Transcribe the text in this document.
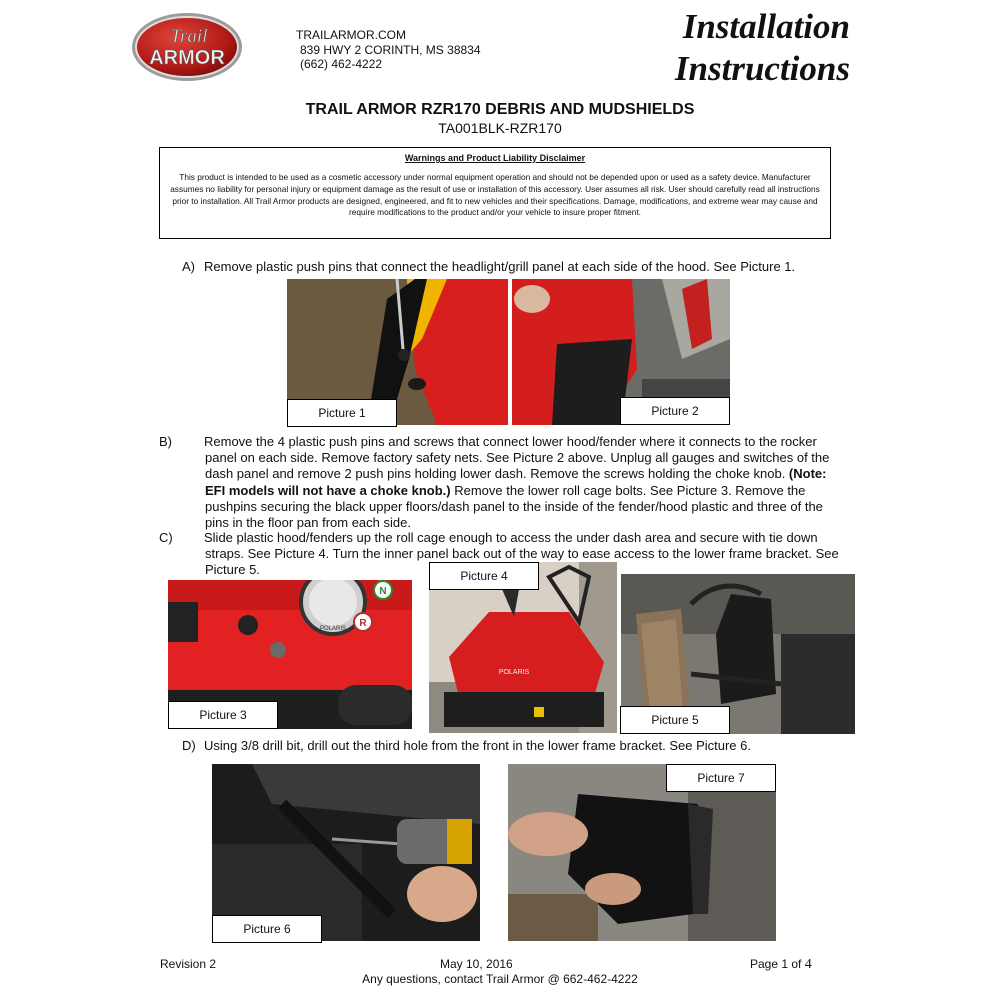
Trail
ARMOR
TRAILARMOR.COM
839 HWY 2 CORINTH, MS 38834
(662) 462-4222
Installation
Instructions
TRAIL ARMOR RZR170 DEBRIS AND MUDSHIELDS
TA001BLK-RZR170
Warnings and Product Liability Disclaimer
This product is intended to be used as a cosmetic accessory under normal equipment operation and should not be depended upon or used as a safety device. Manufacturer assumes no liability for personal injury or equipment damage as the result of use or installation of this accessory. User assumes all risk. User should carefully read all instructions prior to installation. All Trail Armor products are designed, engineered, and fit to new vehicles and their specifications. Damage, modifications, and extreme wear may cause and require modifications to the product and/or your vehicle to insure proper fitment.
A) Remove plastic push pins that connect the headlight/grill panel at each side of the hood. See Picture 1.
Picture 1	Picture 2
B) Remove the 4 plastic push pins and screws that connect lower hood/fender where it connects to the rocker panel on each side. Remove factory safety nets. See Picture 2 above. Unplug all gauges and switches of the dash panel and remove 2 push pins holding lower dash. Remove the screws holding the choke knob. (Note: EFI models will not have a choke knob.) Remove the lower roll cage bolts. See Picture 3. Remove the pushpins securing the black upper floors/dash panel to the inside of the fender/hood plastic and three of the pins in the floor pan from each side.
C) Slide plastic hood/fenders up the roll cage enough to access the under dash area and secure with tie down straps. See Picture 4. Turn the inner panel back out of the way to ease access to the lower frame bracket. See Picture 5.
POLARIS
N
R
Picture 3
POLARIS
Picture 4
Picture 5
D) Using 3/8 drill bit, drill out the third hole from the front in the lower frame bracket. See Picture 6.
Picture 6
Picture 7
Revision 2	May 10, 2016	Page 1 of 4
Any questions, contact Trail Armor @ 662-462-4222
